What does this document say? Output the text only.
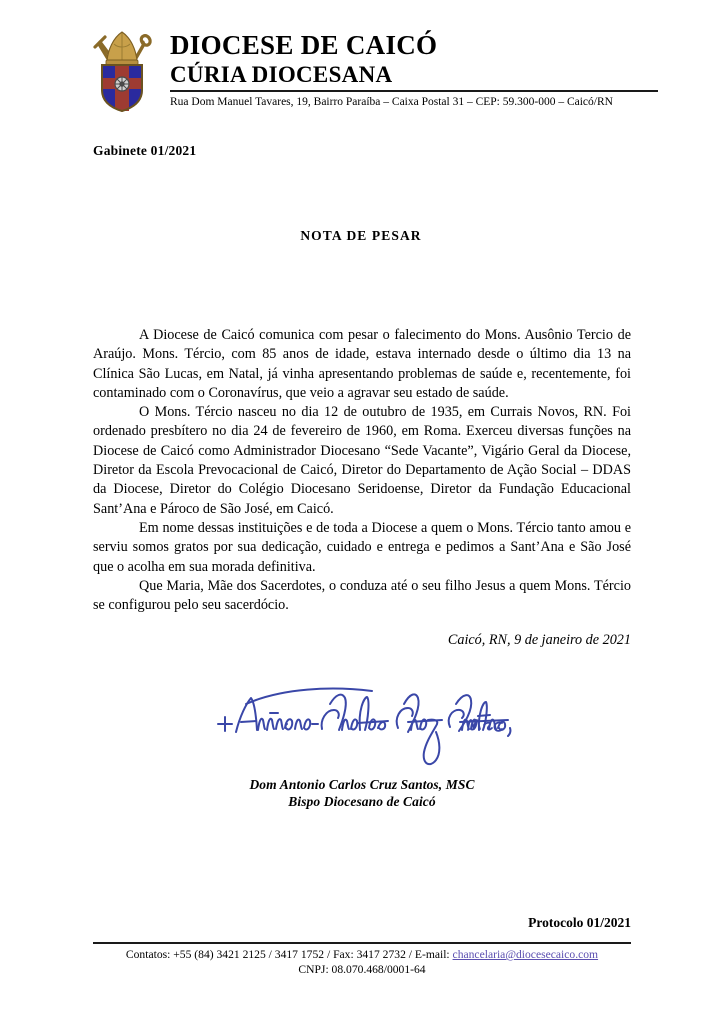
DIOCESE DE CAICÓ
CÚRIA DIOCESANA
Rua Dom Manuel Tavares, 19, Bairro Paraíba – Caixa Postal 31 – CEP: 59.300-000 – Caicó/RN
Gabinete 01/2021
NOTA DE PESAR

A Diocese de Caicó comunica com pesar o falecimento do Mons. Ausônio Tercio de Araújo. Mons. Tércio, com 85 anos de idade, estava internado desde o último dia 13 na Clínica São Lucas, em Natal, já vinha apresentando problemas de saúde e, recentemente, foi contaminado com o Coronavírus, que veio a agravar seu estado de saúde.

O Mons. Tércio nasceu no dia 12 de outubro de 1935, em Currais Novos, RN. Foi ordenado presbítero no dia 24 de fevereiro de 1960, em Roma. Exerceu diversas funções na Diocese de Caicó como Administrador Diocesano “Sede Vacante”, Vigário Geral da Diocese, Diretor da Escola Prevocacional de Caicó, Diretor do Departamento de Ação Social – DDAS da Diocese, Diretor do Colégio Diocesano Seridoense, Diretor da Fundação Educacional Sant’Ana e Pároco de São José, em Caicó.

Em nome dessas instituições e de toda a Diocese a quem o Mons. Tércio tanto amou e serviu somos gratos por sua dedicação, cuidado e entrega e pedimos a Sant’Ana e São José que o acolha em sua morada definitiva.

Que Maria, Mãe dos Sacerdotes, o conduza até o seu filho Jesus a quem Mons. Tércio se configurou pelo seu sacerdócio.

Caicó, RN, 9 de janeiro de 2021
Dom Antonio Carlos Cruz Santos, MSC
Bispo Diocesano de Caicó
Protocolo 01/2021
Contatos: +55 (84) 3421 2125 / 3417 1752 / Fax: 3417 2732 / E-mail: chancelaria@diocesecaico.com
CNPJ: 08.070.468/0001-64
